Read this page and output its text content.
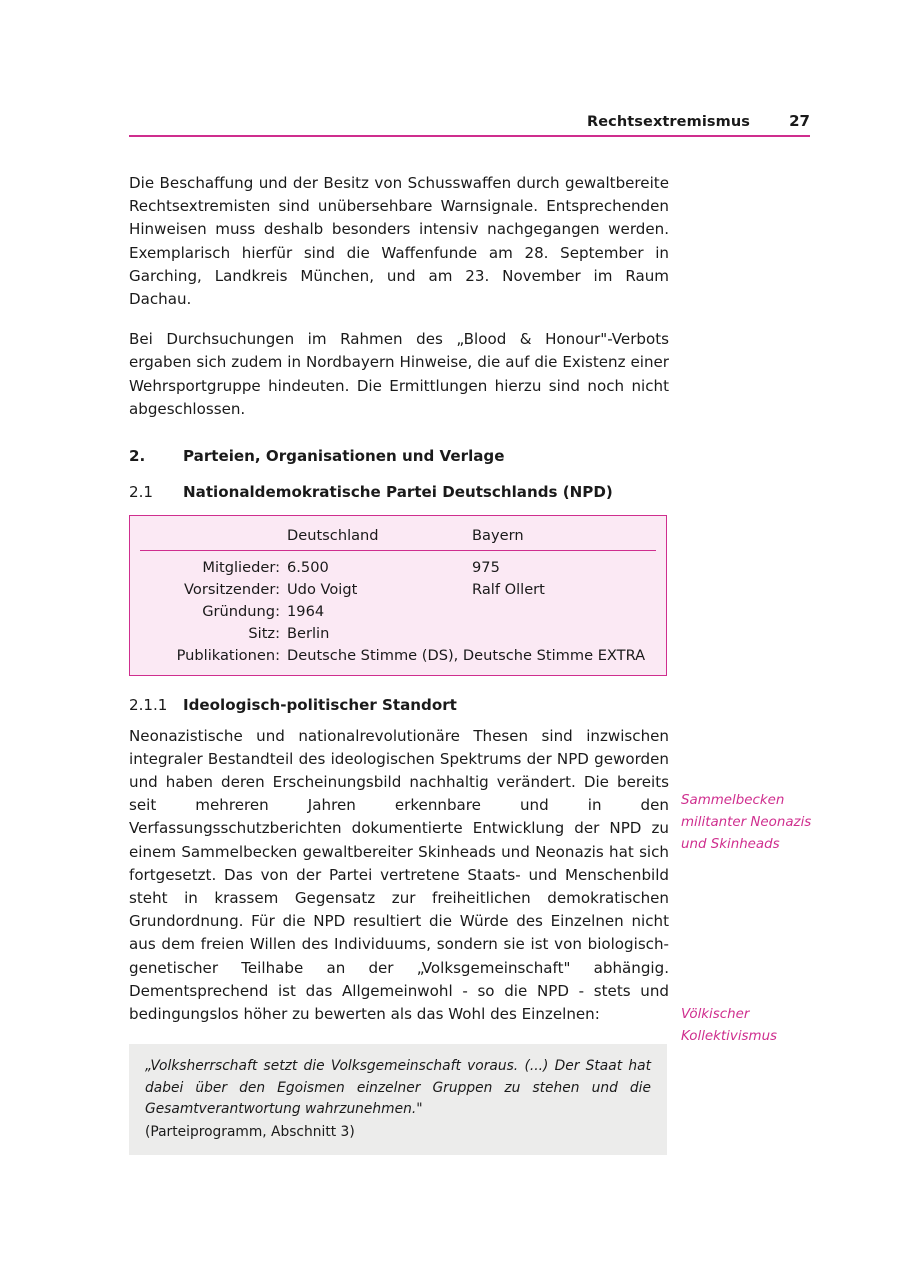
Rechtsextremismus	27

Die Beschaffung und der Besitz von Schusswaffen durch gewaltbereite Rechtsextremisten sind unübersehbare Warnsignale. Entsprechenden Hinweisen muss deshalb besonders intensiv nachgegangen werden. Exemplarisch hierfür sind die Waffenfunde am 28. September in Garching, Landkreis München, und am 23. November im Raum Dachau.

Bei Durchsuchungen im Rahmen des „Blood & Honour"-Verbots ergaben sich zudem in Nordbayern Hinweise, die auf die Existenz einer Wehrsportgruppe hindeuten. Die Ermittlungen hierzu sind noch nicht abgeschlossen.

2.	Parteien, Organisationen und Verlage
2.1	Nationaldemokratische Partei Deutschlands (NPD)
	Deutschland	Bayern

Mitglieder:	6.500	975
Vorsitzender:	Udo Voigt	Ralf Ollert
Gründung:	1964	
Sitz:	Berlin	
Publikationen:	Deutsche Stimme (DS), Deutsche Stimme EXTRA	
2.1.1	Ideologisch-politischer Standort

Neonazistische und nationalrevolutionäre Thesen sind inzwischen integraler Bestandteil des ideologischen Spektrums der NPD geworden und haben deren Erscheinungsbild nachhaltig verändert. Die bereits seit mehreren Jahren erkennbare und in den Verfassungsschutzberichten dokumentierte Entwicklung der NPD zu einem Sammelbecken gewaltbereiter Skinheads und Neonazis hat sich fortgesetzt. Das von der Partei vertretene Staats- und Menschenbild steht in krassem Gegensatz zur freiheitlichen demokratischen Grundordnung. Für die NPD resultiert die Würde des Einzelnen nicht aus dem freien Willen des Individuums, sondern sie ist von biologisch-genetischer Teilhabe an der „Volksgemeinschaft" abhängig. Dementsprechend ist das Allgemeinwohl - so die NPD - stets und bedingungslos höher zu bewerten als das Wohl des Einzelnen:

„Volksherrschaft setzt die Volksgemeinschaft voraus. (...) Der Staat hat dabei über den Egoismen einzelner Gruppen zu stehen und die Gesamtverantwortung wahrzunehmen."

(Parteiprogramm, Abschnitt 3)

Sammelbecken
militanter Neonazis
und Skinheads
Völkischer
Kollektivismus
